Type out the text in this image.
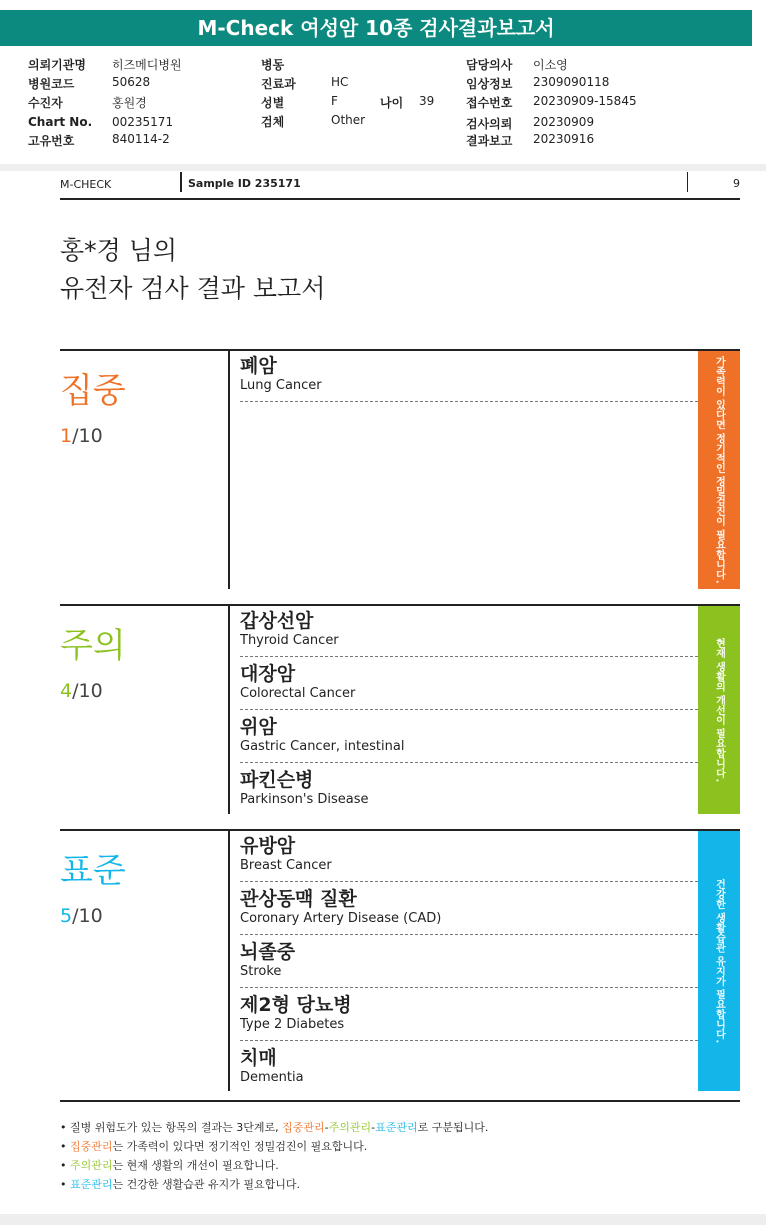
M-Check 여성암 10종 검사결과보고서
의뢰기관명 히즈메디병원
병원코드	50628
수진자	홍원경
Chart No. 00235171
고유번호	840114-2
병동
진료과	HC
성별	F	나이 39
검체	Other
담당의사 이소영
임상정보 2309090118
접수번호 20230909-15845
검사의뢰 20230909
결과보고 20230916
M-CHECK	Sample ID 235171	9
홍*경 님의
유전자 검사 결과 보고서
집중
1/10
폐암
Lung Cancer	가족력이 있다면 정기적인 정밀검진이 필요합니다.
주의
4/10
갑상선암
Thyroid Cancer
대장암
Colorectal Cancer
위암
Gastric Cancer, intestinal
파킨슨병
Parkinson's Disease
현재 생활의 개선이 필요합니다.
표준
5/10
유방암
Breast Cancer
관상동맥 질환
Coronary Artery Disease (CAD)
뇌졸중
Stroke
제2형 당뇨병
Type 2 Diabetes
치매
Dementia
건강한 생활습관 유지가 필요합니다.
• 질병 위험도가 있는 항목의 결과는 3단계로, 집중관리-주의관리-표준관리로 구분됩니다.
• 집중관리는 가족력이 있다면 정기적인 정밀검진이 필요합니다.
• 주의관리는 현재 생활의 개선이 필요합니다.
• 표준관리는 건강한 생활습관 유지가 필요합니다.
